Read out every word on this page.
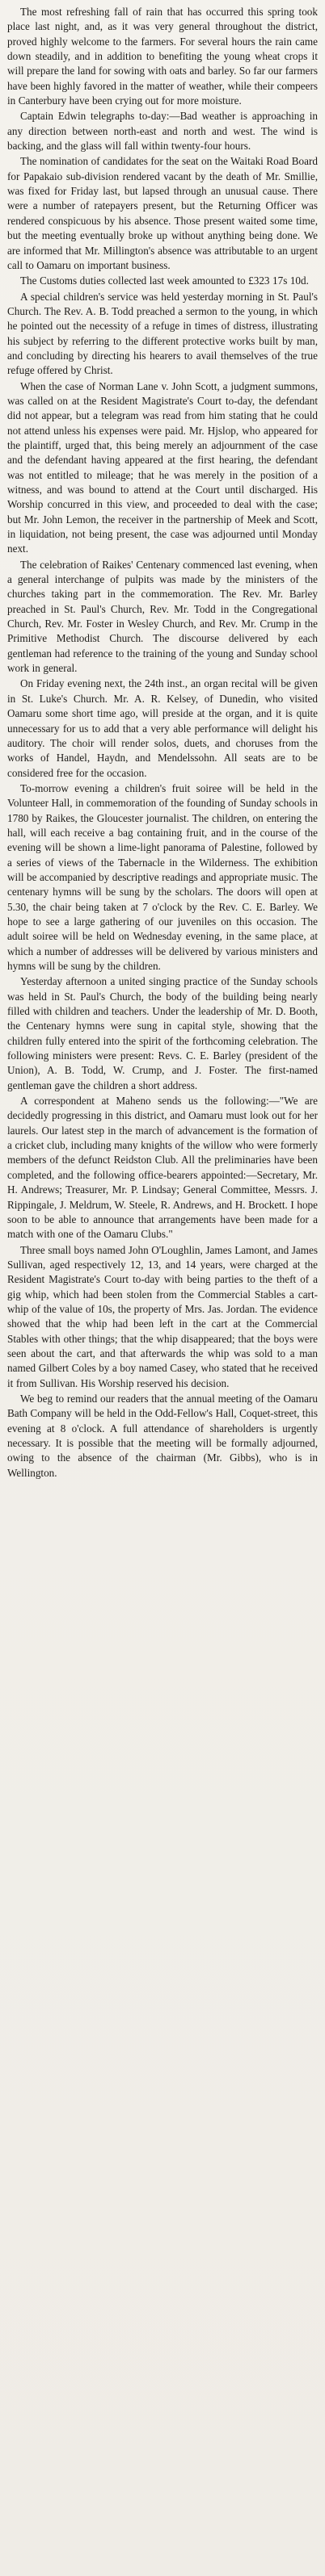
The most refreshing fall of rain that has occurred this spring took place last night, and, as it was very general throughout the district, proved highly welcome to the farmers. For several hours the rain came down steadily, and in addition to benefiting the young wheat crops it will prepare the land for sowing with oats and barley. So far our farmers have been highly favored in the matter of weather, while their compeers in Canterbury have been crying out for more moisture.

Captain Edwin telegraphs to-day:—Bad weather is approaching in any direction between north-east and north and west. The wind is backing, and the glass will fall within twenty-four hours.

The nomination of candidates for the seat on the Waitaki Road Board for Papakaio sub-division rendered vacant by the death of Mr. Smillie, was fixed for Friday last, but lapsed through an unusual cause. There were a number of ratepayers present, but the Returning Officer was rendered conspicuous by his absence. Those present waited some time, but the meeting eventually broke up without anything being done. We are informed that Mr. Millington's absence was attributable to an urgent call to Oamaru on important business.

The Customs duties collected last week amounted to £323 17s 10d.

A special children's service was held yesterday morning in St. Paul's Church. The Rev. A. B. Todd preached a sermon to the young, in which he pointed out the necessity of a refuge in times of distress, illustrating his subject by referring to the different protective works built by man, and concluding by directing his hearers to avail themselves of the true refuge offered by Christ.

When the case of Norman Lane v. John Scott, a judgment summons, was called on at the Resident Magistrate's Court to-day, the defendant did not appear, but a telegram was read from him stating that he could not attend unless his expenses were paid. Mr. Hjslop, who appeared for the plaintiff, urged that, this being merely an adjournment of the case and the defendant having appeared at the first hearing, the defendant was not entitled to mileage; that he was merely in the position of a witness, and was bound to attend at the Court until discharged. His Worship concurred in this view, and proceeded to deal with the case; but Mr. John Lemon, the receiver in the partnership of Meek and Scott, in liquidation, not being present, the case was adjourned until Monday next.

The celebration of Raikes' Centenary commenced last evening, when a general interchange of pulpits was made by the ministers of the churches taking part in the commemoration. The Rev. Mr. Barley preached in St. Paul's Church, Rev. Mr. Todd in the Congregational Church, Rev. Mr. Foster in Wesley Church, and Rev. Mr. Crump in the Primitive Methodist Church. The discourse delivered by each gentleman had reference to the training of the young and Sunday school work in general.

On Friday evening next, the 24th inst., an organ recital will be given in St. Luke's Church. Mr. A. R. Kelsey, of Dunedin, who visited Oamaru some short time ago, will preside at the organ, and it is quite unnecessary for us to add that a very able performance will delight his auditory. The choir will render solos, duets, and choruses from the works of Handel, Haydn, and Mendelssohn. All seats are to be considered free for the occasion.

To-morrow evening a children's fruit soiree will be held in the Volunteer Hall, in commemoration of the founding of Sunday schools in 1780 by Raikes, the Gloucester journalist. The children, on entering the hall, will each receive a bag containing fruit, and in the course of the evening will be shown a lime-light panorama of Palestine, followed by a series of views of the Tabernacle in the Wilderness. The exhibition will be accompanied by descriptive readings and appropriate music. The centenary hymns will be sung by the scholars. The doors will open at 5.30, the chair being taken at 7 o'clock by the Rev. C. E. Barley. We hope to see a large gathering of our juveniles on this occasion. The adult soiree will be held on Wednesday evening, in the same place, at which a number of addresses will be delivered by various ministers and hymns will be sung by the children.

Yesterday afternoon a united singing practice of the Sunday schools was held in St. Paul's Church, the body of the building being nearly filled with children and teachers. Under the leadership of Mr. D. Booth, the Centenary hymns were sung in capital style, showing that the children fully entered into the spirit of the forthcoming celebration. The following ministers were present: Revs. C. E. Barley (president of the Union), A. B. Todd, W. Crump, and J. Foster. The first-named gentleman gave the children a short address.

A correspondent at Maheno sends us the following:—"We are decidedly progressing in this district, and Oamaru must look out for her laurels. Our latest step in the march of advancement is the formation of a cricket club, including many knights of the willow who were formerly members of the defunct Reidston Club. All the preliminaries have been completed, and the following office-bearers appointed:—Secretary, Mr. H. Andrews; Treasurer, Mr. P. Lindsay; General Committee, Messrs. J. Rippingale, J. Meldrum, W. Steele, R. Andrews, and H. Brockett. I hope soon to be able to announce that arrangements have been made for a match with one of the Oamaru Clubs."

Three small boys named John O'Loughlin, James Lamont, and James Sullivan, aged respectively 12, 13, and 14 years, were charged at the Resident Magistrate's Court to-day with being parties to the theft of a gig whip, which had been stolen from the Commercial Stables a cart-whip of the value of 10s, the property of Mrs. Jas. Jordan. The evidence showed that the whip had been left in the cart at the Commercial Stables with other things; that the whip disappeared; that the boys were seen about the cart, and that afterwards the whip was sold to a man named Gilbert Coles by a boy named Casey, who stated that he received it from Sullivan. His Worship reserved his decision.

We beg to remind our readers that the annual meeting of the Oamaru Bath Company will be held in the Odd-Fellow's Hall, Coquet-street, this evening at 8 o'clock. A full attendance of shareholders is urgently necessary. It is possible that the meeting will be formally adjourned, owing to the absence of the chairman (Mr. Gibbs), who is in Wellington.
